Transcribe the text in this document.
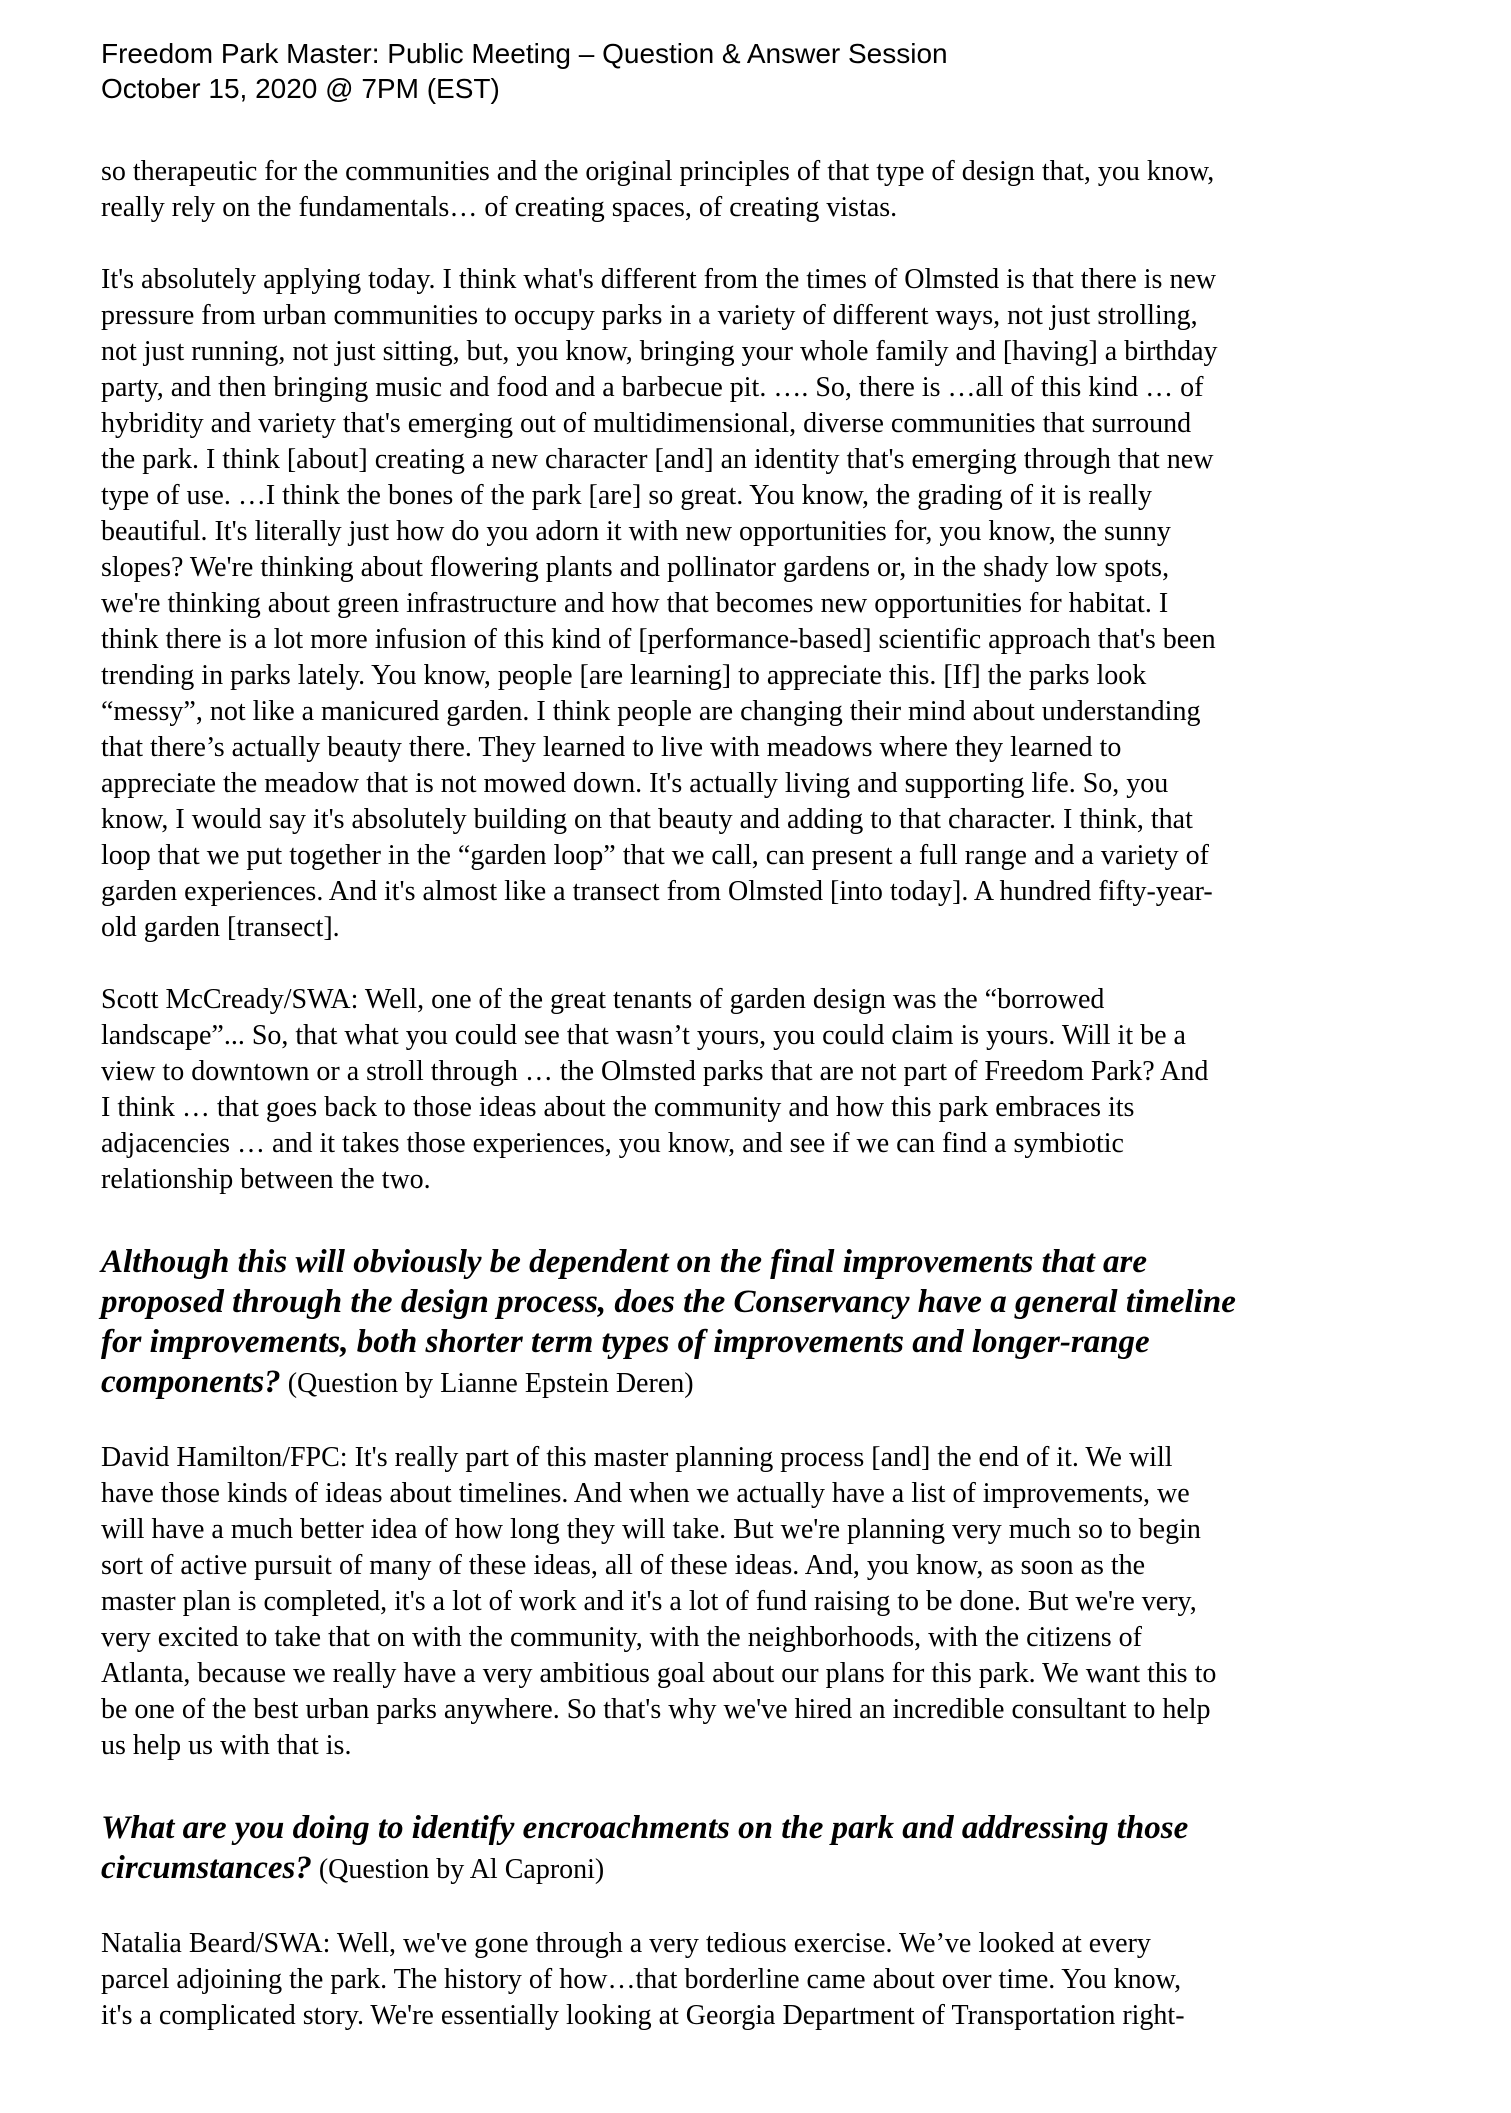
Freedom Park Master: Public Meeting – Question & Answer Session
October 15, 2020 @ 7PM (EST)

so therapeutic for the communities and the original principles of that type of design that, you know,
really rely on the fundamentals… of creating spaces, of creating vistas.

It's absolutely applying today. I think what's different from the times of Olmsted is that there is new
pressure from urban communities to occupy parks in a variety of different ways, not just strolling,
not just running, not just sitting, but, you know, bringing your whole family and [having] a birthday
party, and then bringing music and food and a barbecue pit. …. So, there is …all of this kind … of
hybridity and variety that's emerging out of multidimensional, diverse communities that surround
the park. I think [about] creating a new character [and] an identity that's emerging through that new
type of use. …I think the bones of the park [are] so great. You know, the grading of it is really
beautiful. It's literally just how do you adorn it with new opportunities for, you know, the sunny
slopes? We're thinking about flowering plants and pollinator gardens or, in the shady low spots,
we're thinking about green infrastructure and how that becomes new opportunities for habitat. I
think there is a lot more infusion of this kind of [performance-based] scientific approach that's been
trending in parks lately. You know, people [are learning] to appreciate this. [If] the parks look
“messy”, not like a manicured garden. I think people are changing their mind about understanding
that there’s actually beauty there. They learned to live with meadows where they learned to
appreciate the meadow that is not mowed down. It's actually living and supporting life. So, you
know, I would say it's absolutely building on that beauty and adding to that character. I think, that
loop that we put together in the “garden loop” that we call, can present a full range and a variety of
garden experiences. And it's almost like a transect from Olmsted [into today]. A hundred fifty-year-
old garden [transect].

Scott McCready/SWA: Well, one of the great tenants of garden design was the “borrowed
landscape”... So, that what you could see that wasn’t yours, you could claim is yours. Will it be a
view to downtown or a stroll through … the Olmsted parks that are not part of Freedom Park? And
I think … that goes back to those ideas about the community and how this park embraces its
adjacencies … and it takes those experiences, you know, and see if we can find a symbiotic
relationship between the two.

Although this will obviously be dependent on the final improvements that are
proposed through the design process, does the Conservancy have a general timeline
for improvements, both shorter term types of improvements and longer-range
components? (Question by Lianne Epstein Deren)

David Hamilton/FPC: It's really part of this master planning process [and] the end of it. We will
have those kinds of ideas about timelines. And when we actually have a list of improvements, we
will have a much better idea of how long they will take. But we're planning very much so to begin
sort of active pursuit of many of these ideas, all of these ideas. And, you know, as soon as the
master plan is completed, it's a lot of work and it's a lot of fund raising to be done. But we're very,
very excited to take that on with the community, with the neighborhoods, with the citizens of
Atlanta, because we really have a very ambitious goal about our plans for this park. We want this to
be one of the best urban parks anywhere. So that's why we've hired an incredible consultant to help
us help us with that is.

What are you doing to identify encroachments on the park and addressing those
circumstances? (Question by Al Caproni)

Natalia Beard/SWA: Well, we've gone through a very tedious exercise. We’ve looked at every
parcel adjoining the park. The history of how…that borderline came about over time. You know,
it's a complicated story. We're essentially looking at Georgia Department of Transportation right-
